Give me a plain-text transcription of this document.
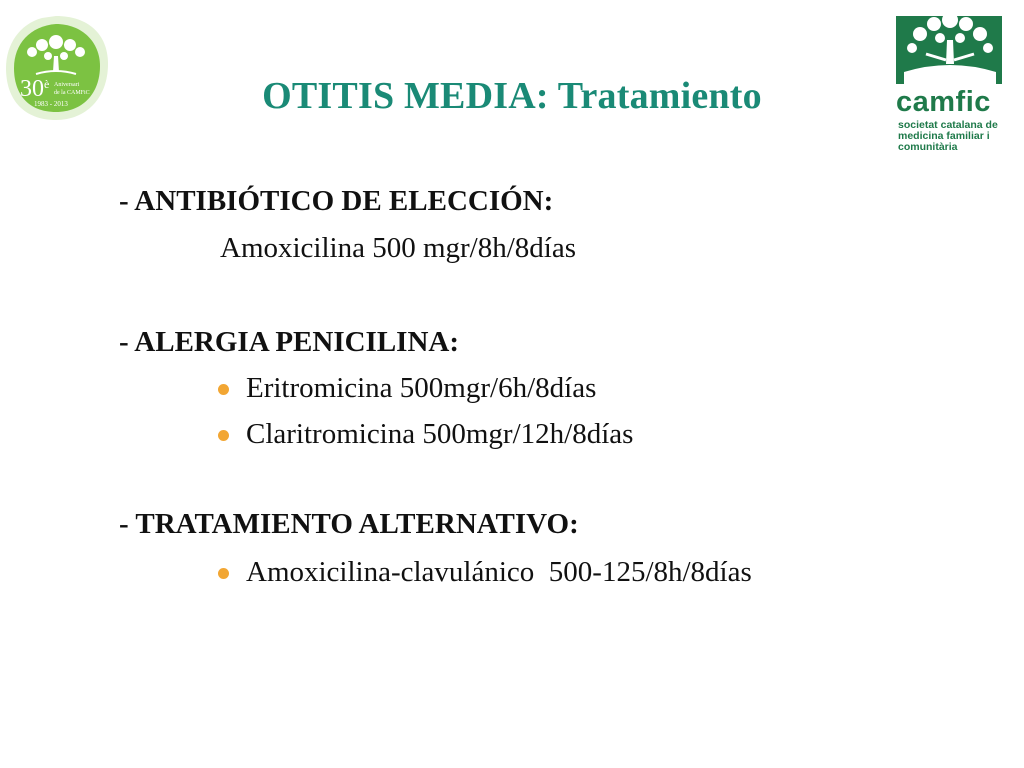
$30^è$ Aniversari
de la CAMFiC
1983 - 2013	camfic
societat catalana de
medicina familiar i
comunitària
OTITIS MEDIA: Tratamiento
- ANTIBIÓTICO DE ELECCIÓN:
Amoxicilina 500 mgr/8h/8días
- ALERGIA PENICILINA:
Eritromicina 500mgr/6h/8días
Claritromicina 500mgr/12h/8días
- TRATAMIENTO ALTERNATIVO:
Amoxicilina-clavulánico  500-125/8h/8días
